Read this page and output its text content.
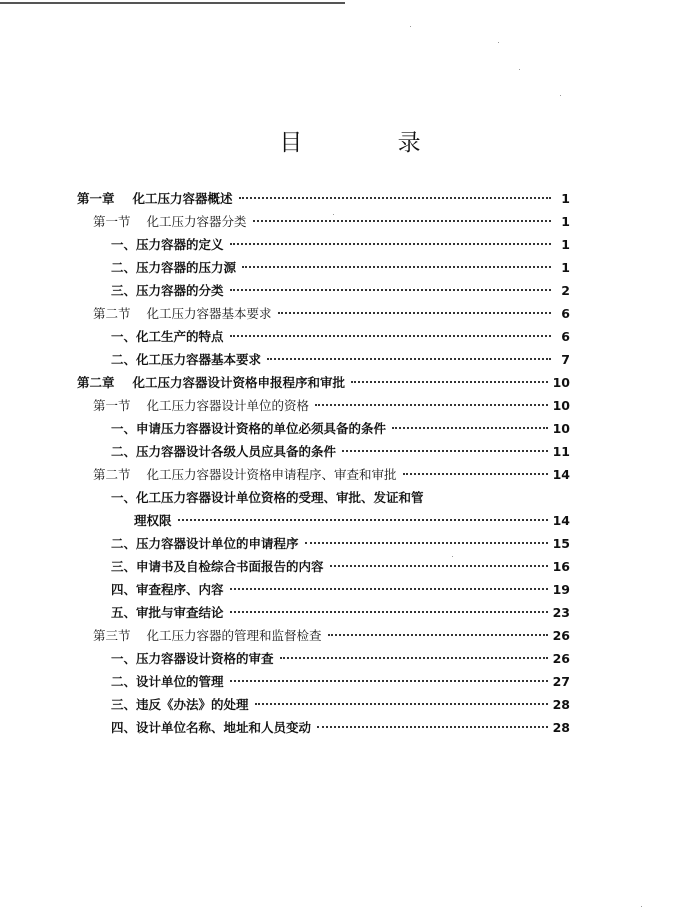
目 录
第一章 化工压力容器概述	1
第一节 化工压力容器分类	1
一、压力容器的定义	1
二、压力容器的压力源	1
三、压力容器的分类	2
第二节 化工压力容器基本要求	6
一、化工生产的特点	6
二、化工压力容器基本要求	7
第二章 化工压力容器设计资格申报程序和审批	10
第一节 化工压力容器设计单位的资格	10
一、申请压力容器设计资格的单位必须具备的条件	10
二、压力容器设计各级人员应具备的条件	11
第二节 化工压力容器设计资格申请程序、审查和审批	14
一、化工压力容器设计单位资格的受理、审批、发证和管
理权限	14
二、压力容器设计单位的申请程序	15
三、申请书及自检综合书面报告的内容	16
四、审查程序、内容	19
五、审批与审查结论	23
第三节 化工压力容器的管理和监督检查	26
一、压力容器设计资格的审查	26
二、设计单位的管理	27
三、违反《办法》的处理	28
四、设计单位名称、地址和人员变动	28
